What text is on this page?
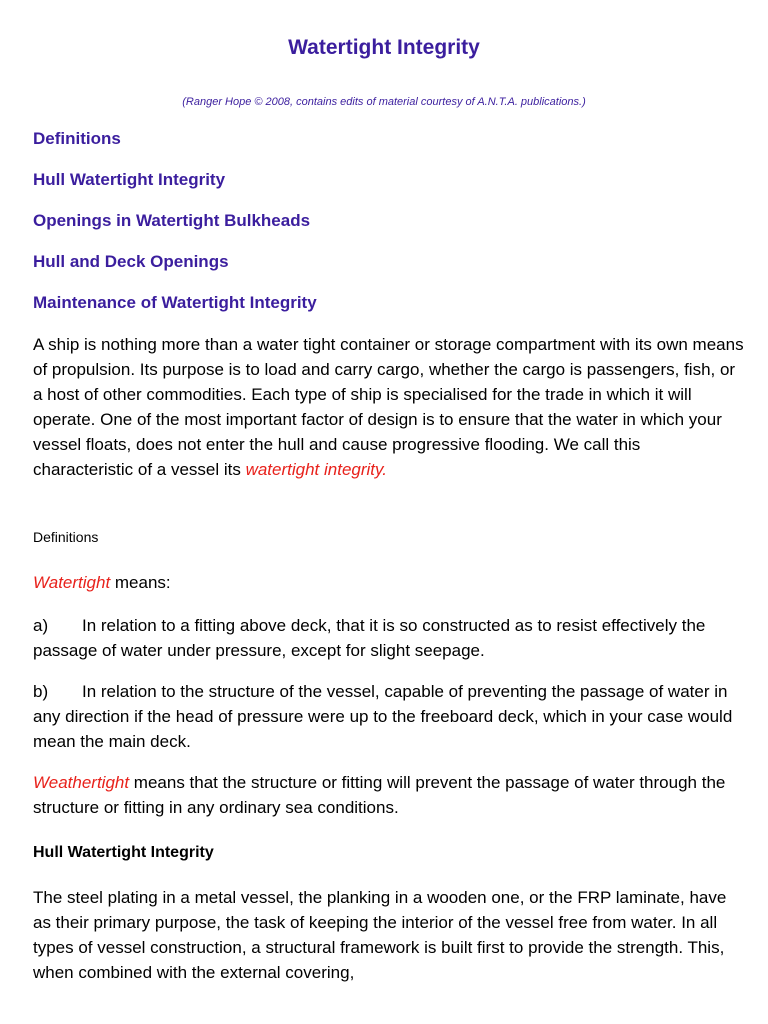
Watertight Integrity
(Ranger Hope © 2008, contains edits of material courtesy of A.N.T.A. publications.)
Definitions
Hull Watertight Integrity
Openings in Watertight Bulkheads
Hull and Deck Openings
Maintenance of Watertight Integrity

A ship is nothing more than a water tight container or storage compartment with its own means of propulsion. Its purpose is to load and carry cargo, whether the cargo is passengers, fish, or a host of other commodities. Each type of ship is specialised for the trade in which it will operate. One of the most important factor of design is to ensure that the water in which your vessel floats, does not enter the hull and cause progressive flooding. We call this characteristic of a vessel its watertight integrity.

Definitions

Watertight means:

a) In relation to a fitting above deck, that it is so constructed as to resist effectively the passage of water under pressure, except for slight seepage.

b) In relation to the structure of the vessel, capable of preventing the passage of water in any direction if the head of pressure were up to the freeboard deck, which in your case would mean the main deck.

Weathertight means that the structure or fitting will prevent the passage of water through the structure or fitting in any ordinary sea conditions.

Hull Watertight Integrity

The steel plating in a metal vessel, the planking in a wooden one, or the FRP laminate, have as their primary purpose, the task of keeping the interior of the vessel free from water. In all types of vessel construction, a structural framework is built first to provide the strength. This, when combined with the external covering,
